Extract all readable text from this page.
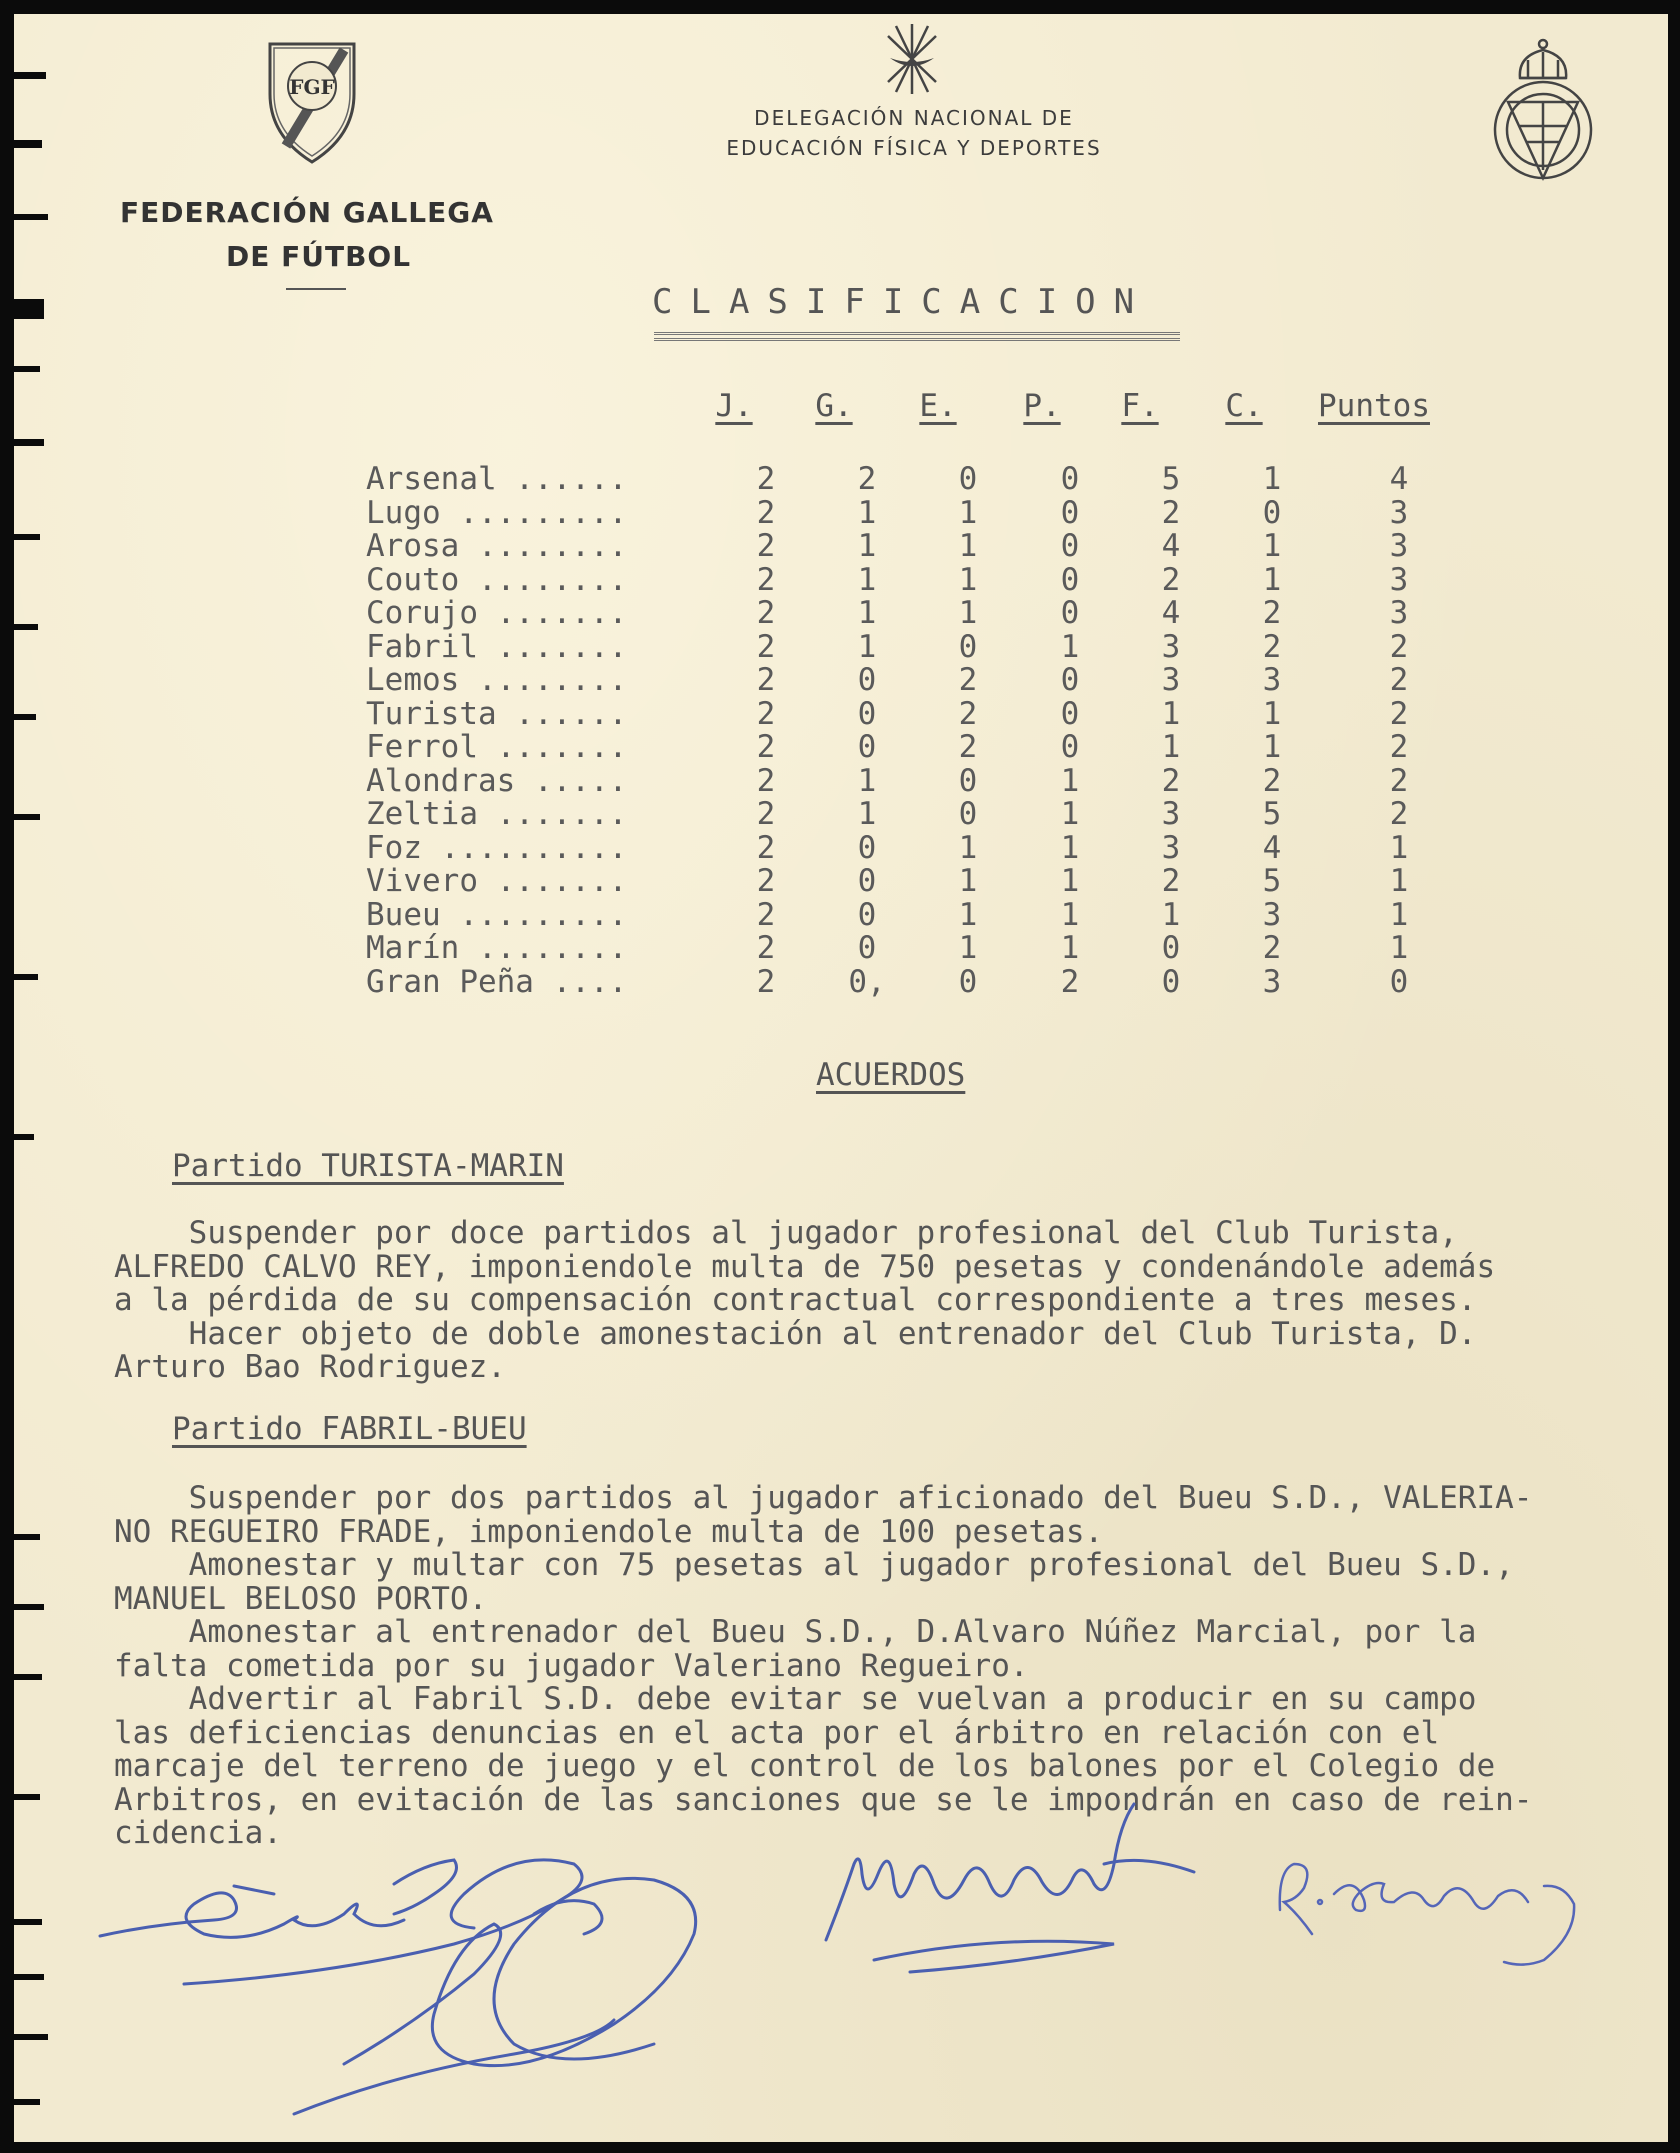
FGF
FEDERACIÓN GALLEGA
DE FÚTBOL
DELEGACIÓN NACIONAL DE
EDUCACIÓN FÍSICA Y DEPORTES
CLASIFICACION
J.	G.	E.	P.	F.	C.	Puntos
Arsenal ......	2	2	0	0	5	1	4
Lugo .........	2	1	1	0	2	0	3
Arosa ........	2	1	1	0	4	1	3
Couto ........	2	1	1	0	2	1	3
Corujo .......	2	1	1	0	4	2	3
Fabril .......	2	1	0	1	3	2	2
Lemos ........	2	0	2	0	3	3	2
Turista ......	2	0	2	0	1	1	2
Ferrol .......	2	0	2	0	1	1	2
Alondras .....	2	1	0	1	2	2	2
Zeltia .......	2	1	0	1	3	5	2
Foz ..........	2	0	1	1	3	4	1
Vivero .......	2	0	1	1	2	5	1
Bueu .........	2	0	1	1	1	3	1
Marín ........	2	0	1	1	0	2	1
Gran Peña ....	2	0,	0	2	0	3	0
ACUERDOS
Partido TURISTA-MARIN
Suspender por doce partidos al jugador profesional del Club Turista,
ALFREDO CALVO REY, imponiendole multa de 750 pesetas y condenándole además
a la pérdida de su compensación contractual correspondiente a tres meses.
Hacer objeto de doble amonestación al entrenador del Club Turista, D.
Arturo Bao Rodriguez.
Partido FABRIL-BUEU
Suspender por dos partidos al jugador aficionado del Bueu S.D., VALERIA-
NO REGUEIRO FRADE, imponiendole multa de 100 pesetas.
Amonestar y multar con 75 pesetas al jugador profesional del Bueu S.D.,
MANUEL BELOSO PORTO.
Amonestar al entrenador del Bueu S.D., D.Alvaro Núñez Marcial, por la
falta cometida por su jugador Valeriano Regueiro.
Advertir al Fabril S.D. debe evitar se vuelvan a producir en su campo
las deficiencias denuncias en el acta por el árbitro en relación con el
marcaje del terreno de juego y el control de los balones por el Colegio de
Arbitros, en evitación de las sanciones que se le impondrán en caso de rein-
cidencia.
